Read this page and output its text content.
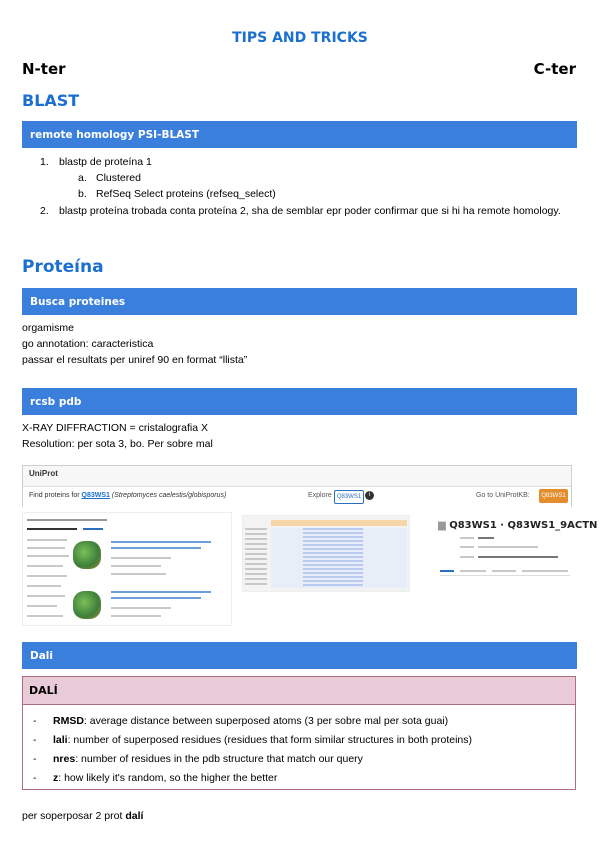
TIPS AND TRICKS
N-ter	C-ter
BLAST
remote homology PSI-BLAST
1. blastp de proteína 1
a. Clustered
b. RefSeq Select proteins (refseq_select)
2. blastp proteína trobada conta proteína 2, sha de semblar epr poder confirmar que si hi ha remote homology.
Proteína
Busca proteines
orgamisme
go annotation: caracteristica
passar el resultats per uniref 90 en format “llista”
rcsb pdb
X-RAY DIFFRACTION = cristalografia X
Resolution: per sota 3, bo. Per sobre mal
UniProt
Find proteins for Q83WS1 (Streptomyces caelestis/globisporus)	Explore Q83WS1	i	Go to UniProtKB:	Q83WS1
▆ Q83WS1 · Q83WS1_9ACTN
Dali
DALÍ
- RMSD: average distance between superposed atoms (3 per sobre mal per sota guai)
- lali: number of superposed residues (residues that form similar structures in both proteins)
- nres: number of residues in the pdb structure that match our query
- z: how likely it's random, so the higher the better
per soperposar 2 prot dalí
